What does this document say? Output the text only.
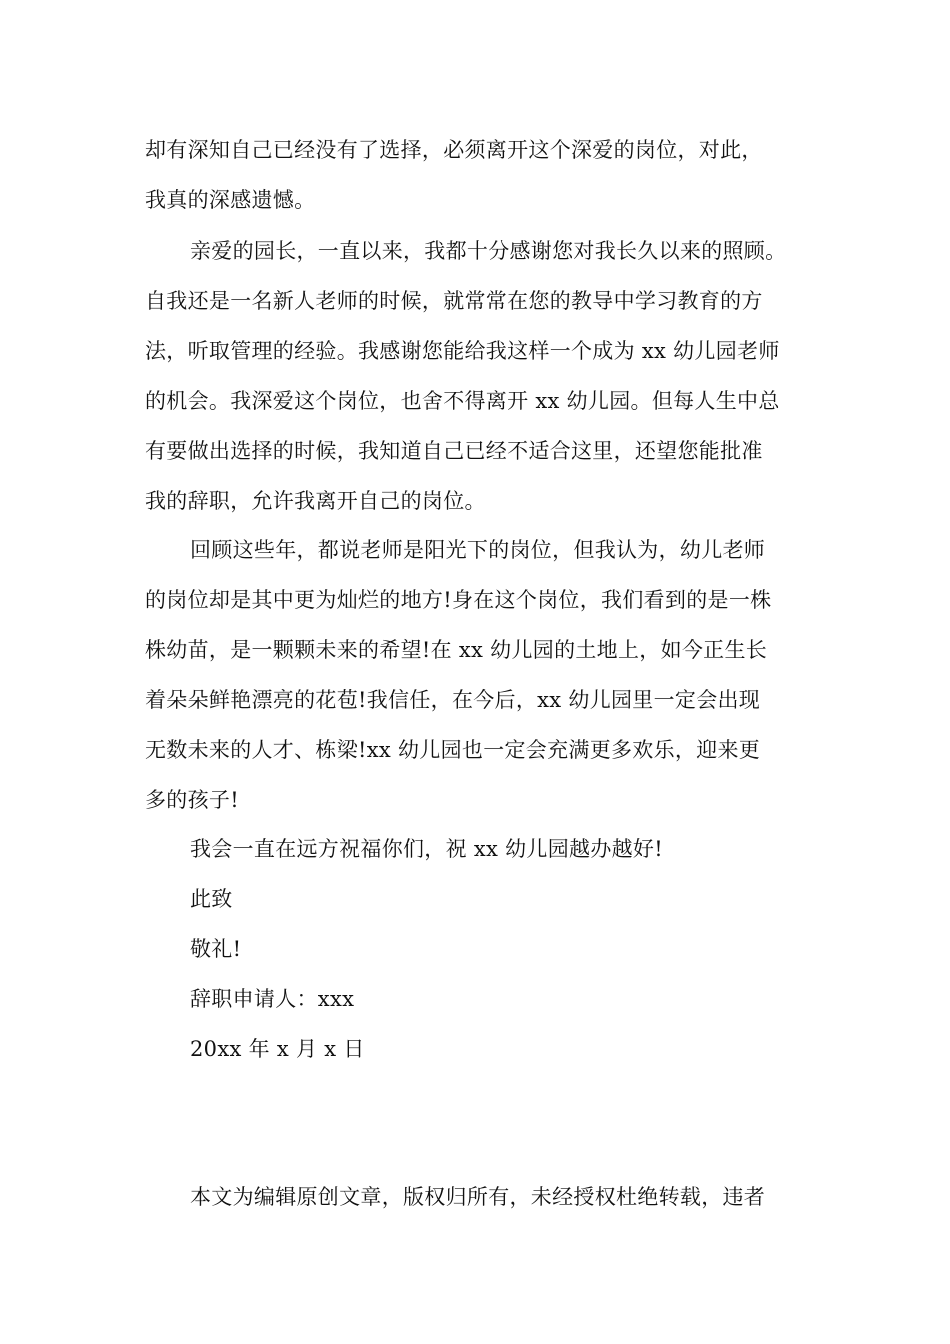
却有深知自己已经没有了选择，必须离开这个深爱的岗位，对此，
我真的深感遗憾。
亲爱的园长，一直以来，我都十分感谢您对我长久以来的照顾。
自我还是一名新人老师的时候，就常常在您的教导中学习教育的方
法，听取管理的经验。我感谢您能给我这样一个成为 xx 幼儿园老师
的机会。我深爱这个岗位，也舍不得离开 xx 幼儿园。但每人生中总
有要做出选择的时候，我知道自己已经不适合这里，还望您能批准
我的辞职，允许我离开自己的岗位。
回顾这些年，都说老师是阳光下的岗位，但我认为，幼儿老师
的岗位却是其中更为灿烂的地方!身在这个岗位，我们看到的是一株
株幼苗，是一颗颗未来的希望!在 xx 幼儿园的土地上，如今正生长
着朵朵鲜艳漂亮的花苞!我信任，在今后，xx 幼儿园里一定会出现
无数未来的人才、栋梁!xx 幼儿园也一定会充满更多欢乐，迎来更
多的孩子!
我会一直在远方祝福你们，祝 xx 幼儿园越办越好!
此致
敬礼!
辞职申请人：xxx
20xx 年 x 月 x 日
本文为编辑原创文章，版权归所有，未经授权杜绝转载，违者
